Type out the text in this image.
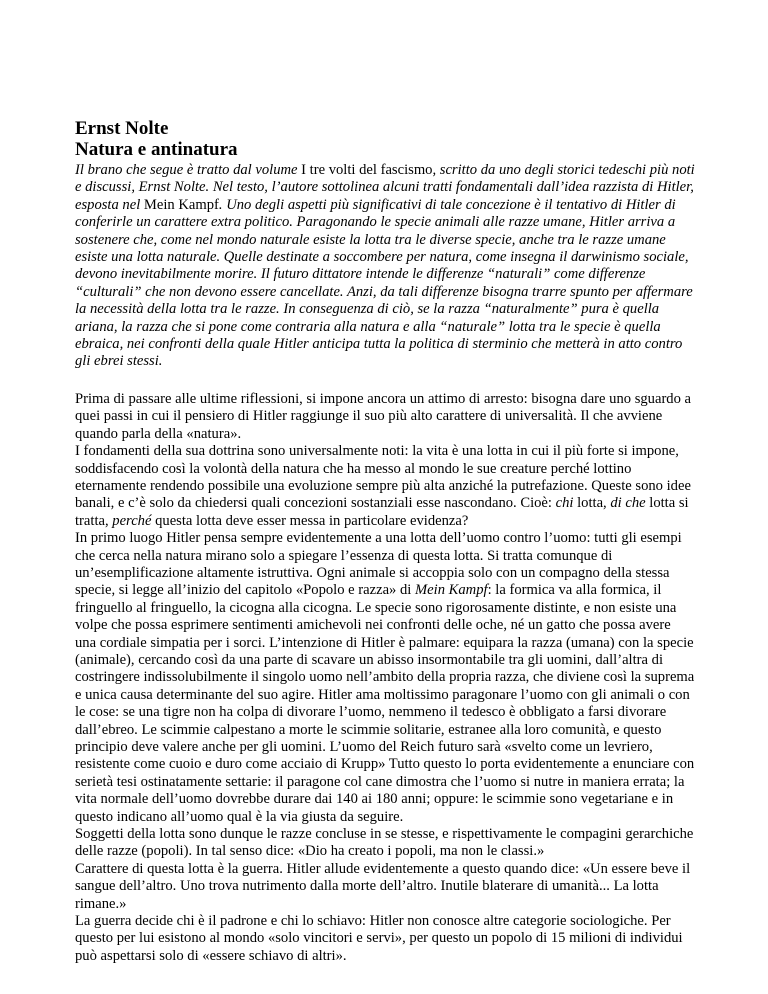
Ernst Nolte
Natura e antinatura

Il brano che segue è tratto dal volume I tre volti del fascismo, scritto da uno degli storici tedeschi più noti e discussi, Ernst Nolte. Nel testo, l’autore sottolinea alcuni tratti fondamentali dall’idea razzista di Hitler, esposta nel Mein Kampf. Uno degli aspetti più significativi di tale concezione è il tentativo di Hitler di conferirle un carattere extra politico. Paragonando le specie animali alle razze umane, Hitler arriva a sostenere che, come nel mondo naturale esiste la lotta tra le diverse specie, anche tra le razze umane esiste una lotta naturale. Quelle destinate a soccombere per natura, come insegna il darwinismo sociale, devono inevitabilmente morire. Il futuro dittatore intende le differenze “naturali” come differenze “culturali” che non devono essere cancellate. Anzi, da tali differenze bisogna trarre spunto per affermare la necessità della lotta tra le razze. In conseguenza di ciò, se la razza “naturalmente” pura è quella ariana, la razza che si pone come contraria alla natura e alla “naturale” lotta tra le specie è quella ebraica, nei confronti della quale Hitler anticipa tutta la politica di sterminio che metterà in atto contro gli ebrei stessi.

Prima di passare alle ultime riflessioni, si impone ancora un attimo di arresto: bisogna dare uno sguardo a quei passi in cui il pensiero di Hitler raggiunge il suo più alto carattere di universalità. Il che avviene quando parla della «natura».

I fondamenti della sua dottrina sono universalmente noti: la vita è una lotta in cui il più forte si impone, soddisfacendo così la volontà della natura che ha messo al mondo le sue creature perché lottino eternamente rendendo possibile una evoluzione sempre più alta anziché la putrefazione. Queste sono idee banali, e c’è solo da chiedersi quali concezioni sostanziali esse nascondano. Cioè: chi lotta, di che lotta si tratta, perché questa lotta deve esser messa in particolare evidenza?

In primo luogo Hitler pensa sempre evidentemente a una lotta dell’uomo contro l’uomo: tutti gli esempi che cerca nella natura mirano solo a spiegare l’essenza di questa lotta. Si tratta comunque di un’esemplificazione altamente istruttiva. Ogni animale si accoppia solo con un compagno della stessa specie, si legge all’inizio del capitolo «Popolo e razza» di Mein Kampf: la formica va alla formica, il fringuello al fringuello, la cicogna alla cicogna. Le specie sono rigorosamente distinte, e non esiste una volpe che possa esprimere sentimenti amichevoli nei confronti delle oche, né un gatto che possa avere una cordiale simpatia per i sorci. L’intenzione di Hitler è palmare: equipara la razza (umana) con la specie (animale), cercando così da una parte di scavare un abisso insormontabile tra gli uomini, dall’altra di costringere indissolubilmente il singolo uomo nell’ambito della propria razza, che diviene così la suprema e unica causa determinante del suo agire. Hitler ama moltissimo paragonare l’uomo con gli animali o con le cose: se una tigre non ha colpa di divorare l’uomo, nemmeno il tedesco è obbligato a farsi divorare dall’ebreo. Le scimmie calpestano a morte le scimmie solitarie, estranee alla loro comunità, e questo principio deve valere anche per gli uomini. L’uomo del Reich futuro sarà «svelto come un levriero, resistente come cuoio e duro come acciaio di Krupp» Tutto questo lo porta evidentemente a enunciare con serietà tesi ostinatamente settarie: il paragone col cane dimostra che l’uomo si nutre in maniera errata; la vita normale dell’uomo dovrebbe durare dai 140 ai 180 anni; oppure: le scimmie sono vegetariane e in questo indicano all’uomo qual è la via giusta da seguire.

Soggetti della lotta sono dunque le razze concluse in se stesse, e rispettivamente le compagini gerarchiche delle razze (popoli). In tal senso dice: «Dio ha creato i popoli, ma non le classi.»

Carattere di questa lotta è la guerra. Hitler allude evidentemente a questo quando dice: «Un essere beve il sangue dell’altro. Uno trova nutrimento dalla morte dell’altro. Inutile blaterare di umanità... La lotta rimane.»

La guerra decide chi è il padrone e chi lo schiavo: Hitler non conosce altre categorie sociologiche. Per questo per lui esistono al mondo «solo vincitori e servi», per questo un popolo di 15 milioni di individui può aspettarsi solo di «essere schiavo di altri».
